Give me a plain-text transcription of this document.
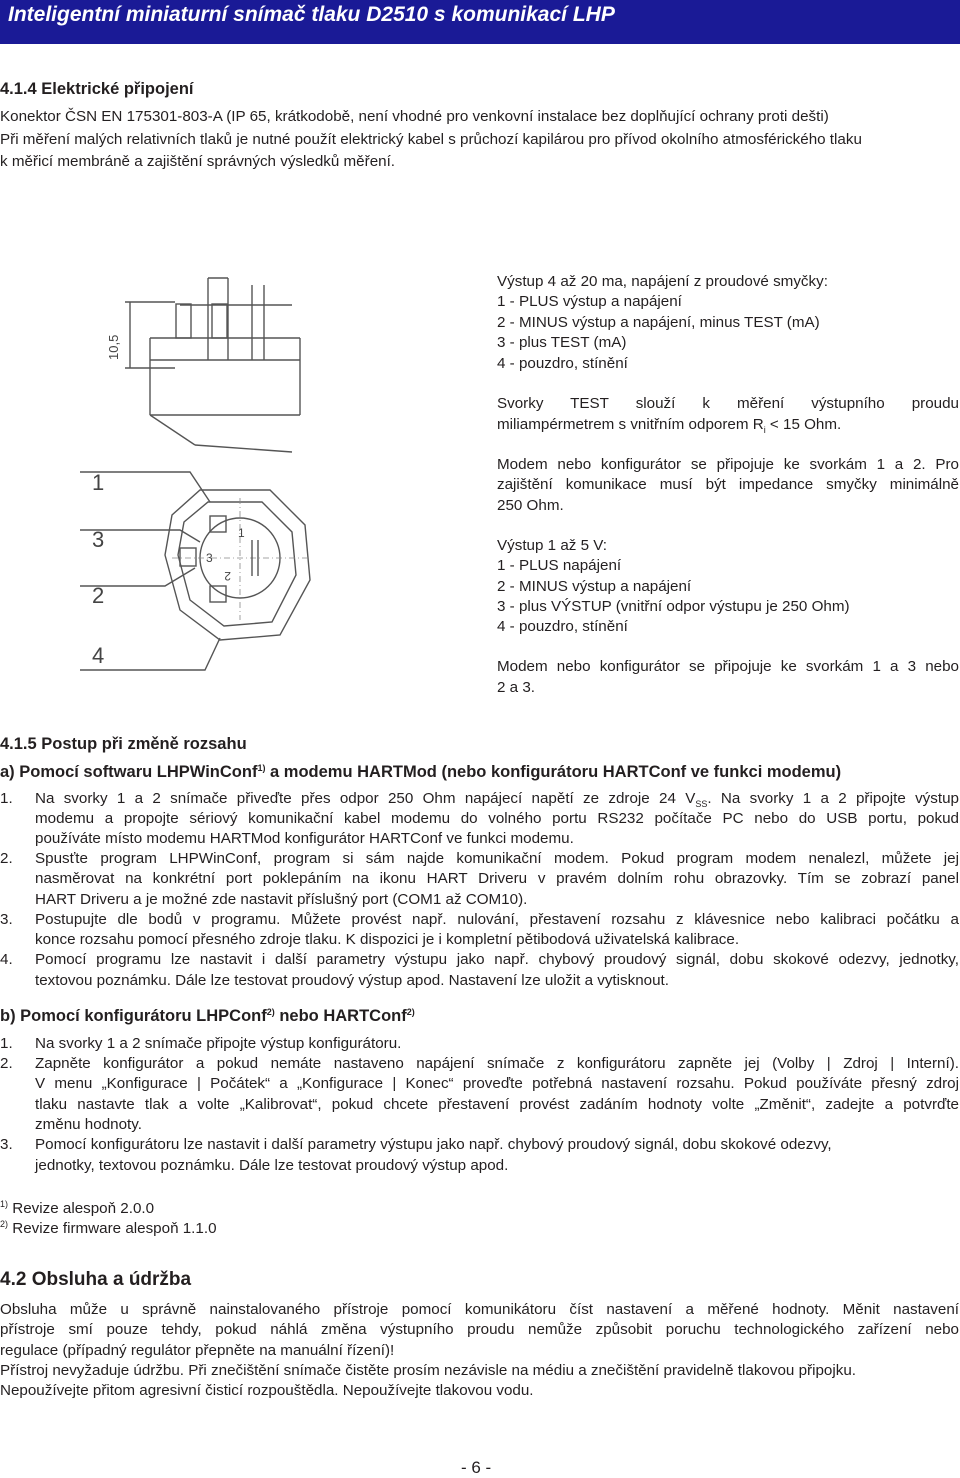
Inteligentní miniaturní snímač tlaku D2510 s komunikací LHP
4.1.4 Elektrické připojení
Konektor ČSN EN 175301-803-A (IP 65, krátkodobě, není vhodné pro venkovní instalace bez doplňující ochrany proti dešti)
Při měření malých relativních tlaků je nutné použít elektrický kabel s průchozí kapilárou pro přívod okolního atmosférického tlaku
k měřicí membráně a zajištění správných výsledků měření.
10,5
1
2
3
1
3
2
4
Výstup 4 až 20 ma, napájení z proudové smyčky:
1 - PLUS výstup a napájení
2 - MINUS výstup a napájení, minus TEST (mA)
3 - plus TEST (mA)
4 - pouzdro, stínění
Svorky TEST slouží k měření výstupního proudu
miliampérmetrem s vnitřním odporem $R_i < 15$ Ohm.
Modem nebo konfigurátor se připojuje ke svorkám 1 a 2. Pro
zajištění komunikace musí být impedance smyčky minimálně
250 Ohm.
Výstup 1 až 5 V:
1 - PLUS napájení
2 - MINUS výstup a napájení
3 - plus VÝSTUP (vnitřní odpor výstupu je 250 Ohm)
4 - pouzdro, stínění
Modem nebo konfigurátor se připojuje ke svorkám 1 a 3 nebo
2 a 3.
4.1.5 Postup při změně rozsahu
a) Pomocí softwaru LHPWinConf$^{1)}$ a modemu HARTMod (nebo konfigurátoru HARTConf ve funkci modemu)
1. Na svorky 1 a 2 snímače přiveďte přes odpor 250 Ohm napájecí napětí ze zdroje 24 $V_{SS}$. Na svorky 1 a 2 připojte výstup
modemu a propojte sériový komunikační kabel modemu do volného portu RS232 počítače PC nebo do USB portu, pokud
používáte místo modemu HARTMod konfigurátor HARTConf ve funkci modemu.
2. Spusťte program LHPWinConf, program si sám najde komunikační modem. Pokud program modem nenalezl, můžete jej
nasměrovat na konkrétní port poklepáním na ikonu HART Driveru v pravém dolním rohu obrazovky. Tím se zobrazí panel
HART Driveru a je možné zde nastavit příslušný port (COM1 až COM10).
3. Postupujte dle bodů v programu. Můžete provést např. nulování, přestavení rozsahu z klávesnice nebo kalibraci počátku a
konce rozsahu pomocí přesného zdroje tlaku. K dispozici je i kompletní pětibodová uživatelská kalibrace.
4. Pomocí programu lze nastavit i další parametry výstupu jako např. chybový proudový signál, dobu skokové odezvy, jednotky,
textovou poznámku. Dále lze testovat proudový výstup apod. Nastavení lze uložit a vytisknout.
b) Pomocí konfigurátoru LHPConf$^{2)}$ nebo HARTConf$^{2)}$
1. Na svorky 1 a 2 snímače připojte výstup konfigurátoru.
2. Zapněte konfigurátor a pokud nemáte nastaveno napájení snímače z konfigurátoru zapněte jej (Volby | Zdroj | Interní).
V menu „Konfigurace | Počátek“ a „Konfigurace | Konec“ proveďte potřebná nastavení rozsahu. Pokud používáte přesný zdroj
tlaku nastavte tlak a volte „Kalibrovat“, pokud chcete přestavení provést zadáním hodnoty volte „Změnit“, zadejte a potvrďte
změnu hodnoty.
3. Pomocí konfigurátoru lze nastavit i další parametry výstupu jako např. chybový proudový signál, dobu skokové odezvy,
jednotky, textovou poznámku. Dále lze testovat proudový výstup apod.
$^{1)}$ Revize alespoň 2.0.0
$^{2)}$ Revize firmware alespoň 1.1.0
4.2 Obsluha a údržba
Obsluha může u správně nainstalovaného přístroje pomocí komunikátoru číst nastavení a měřené hodnoty. Měnit nastavení
přístroje smí pouze tehdy, pokud náhlá změna výstupního proudu nemůže způsobit poruchu technologického zařízení nebo
regulace (případný regulátor přepněte na manuální řízení)!
Přístroj nevyžaduje údržbu. Při znečištění snímače čistěte prosím nezávisle na médiu a znečištění pravidelně tlakovou připojku.
Nepoužívejte přitom agresivní čisticí rozpouštědla. Nepoužívejte tlakovou vodu.
- 6 -
